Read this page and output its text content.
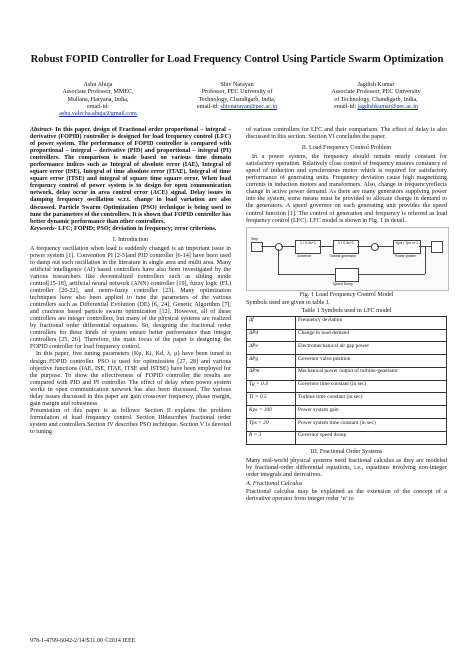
Robust FOPID Controller for Load Frequency Control Using Particle Swarm Optimization
Ashu Ahuja
Associate Professor, MMEC,
Mullana, Haryana, India,
email-id:
ashu.valecha.ahuja@gmail.com
Shiv Narayan
Professor, PEC University of
Technology, Chandigarh, India,
email-id: shivnarayan@pec.ac.in
Jagdish Kumar
Associate Professor, PEC University
of Technology, Chandigarh, India,
email-id: jagdishkumar@pec.ac.in

Abstract- In this paper, design of Fractional order proportional – integral – derivative (FOPID) controller is designed for load frequency control (LFC) of power system. The performance of FOPID controller is compared with proportional – integral – derivative (PID) and proportional – integral (PI) controllers. The comparison is made based on various time domain performance indices such as Integral of absolute error (IAE), Integral of square error (ISE), Integral of time absolute error (ITAE), Integral of time square error (ITSE) and integral of square time square error. When load frequency control of power system is to design for open communication network, delay occur in area control error (ACE) signal. Delay issues in damping frequency oscillation w.r.t. change in load variation are also discussed. Particle Swarm Optimization (PSO) technique is being used to tune the parameters of the controllers. It is shown that FOPID controller has better dynamic performance than other controllers.

Keywords- LFC; FOPID; PSO; deviation in frequency; error criterions.

I. Introduction

A frequency oscillation when load is suddenly changed is an important issue in power system [1]. Convention PI [2-5]and PID controller [6-14] have been used to damp out such oscillation in the literature in single area and multi area. Many artificial intelligence (AI) based controllers have also been investigated by the various researchers like decentralized controllers such as sliding mode control[15-18], artificial neural network (ANN) controller [19], fuzzy logic (FL) controller [20-22], and neuro-fuzzy controller [23]. Many optimization techniques have also been applied to tune the parameters of the various controllers such as Differential Evolution (DE) [6, 24], Genetic Algorithm [7], and craziness based particle swarm optimization [12]. However, all of these controllers are integer controllers, but many of the physical systems are realized by fractional order differential equations. So, designing the fractional order controllers for these kinds of system ensure better performance than integer controllers [25, 26]. Therefore, the main focus of the paper is designing the FOPID controller for load frequency control.

In this paper, five tuning parameters (Kp, Ki, Kd, λ, μ) have been tuned to design FOPID controller. PSO is used for optimization [27, 28] and various objective functions (IAE, ISE, ITAE, ITSE and ISTSE) have been employed for the purpose. To show the effectiveness of FOPID controller the results are compared with PID and PI controller. The effect of delay when power system works in open communication network has also been discussed. The various delay issues discussed in this paper are gain crossover frequency, phase margin, gain margin and robustness.

Presentation of this paper is as follows: Section II explains the problem formulation of load frequency control. Section IIIdescribes fractional order system and controllers.Section IV describes PSO technique. Section V is devoted to tuning

of various controllers for LFC and their comparison. The effect of delay is also discussed in this section. Section VI concludes the paper.

II. Load Frequency Control Problem

In a power system, the frequency should remain nearly constant for satisfactory operation. Relatively close control of frequency ensures constancy of speed of induction and synchronous motor which is required for satisfactory performance of generating units. Frequency deviation cause high magnetizing currents in induction motors and transformers. Also, change in frequencyreflects change in active power demand. As there are many generators supplying power into the system, some means must be provided to allocate change in demand to the generators. A speed governor on each generating unit provides the speed control function [1]. The control of generation and frequency is referred as load frequency control (LFC). LFC model is shown in Fig. 1 in detail.

Step
1 / 0.2s+1
Governor
1 / 0.5s+1
Turbine-generator
Kps / Tps.s+1
Power system
Speed Droop
Fig. 1 Load Frequency Control Model

Symbols used are given in table 1.

Table 1 Symbols used in LFC model
Δf	Frequency deviation
ΔPd	Change in load demand
ΔPe	Electromechanical air gap power
ΔPg	Governor valve position
ΔPm	Mechanical power output of turbine-generator
Tg = 0.4	Governor time constant (in sec)
Tt = 0.5	Turbine time constant (in sec)
Kps = 100	Power system gain
Tps = 20	Power system time constant (in sec)
R = 3	Governor speed droop
III. Fractional Order Systems

Many real-world physical systems need fractional calculus as they are modeled by fractional-order differential equations, i.e., equations involving non-integer order integrals and derivatives.

A. Fractional Calculus

Fractional calculus may be explained as the extension of the concept of a derivative operator from integer order ‘n’ to

978-1-4799-6042-2/14/$31.00 ©2014 IEEE
